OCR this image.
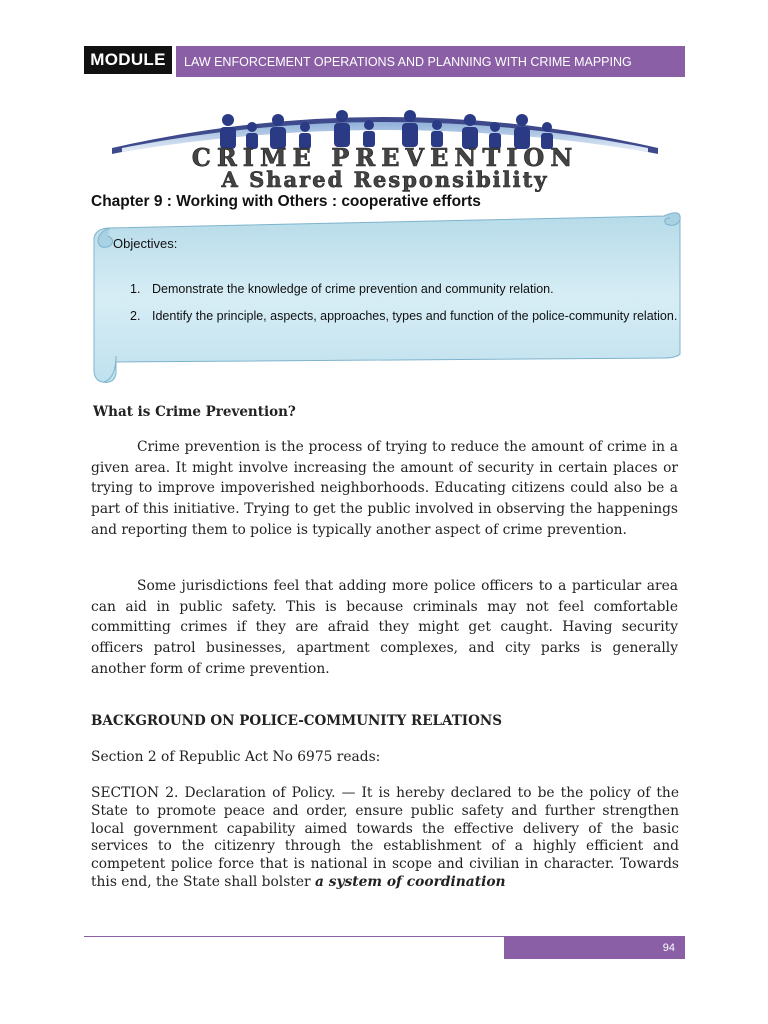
MODULE	LAW ENFORCEMENT OPERATIONS AND PLANNING WITH CRIME MAPPING
CRIME PREVENTION
A Shared Responsibility
Chapter 9 : Working with Others : cooperative efforts
Objectives:
1. Demonstrate the knowledge of crime prevention and community relation.
2. Identify the principle, aspects, approaches, types and function of the police-community relation.
What is Crime Prevention?

Crime prevention is the process of trying to reduce the amount of crime in a given area. It might involve increasing the amount of security in certain places or trying to improve impoverished neighborhoods. Educating citizens could also be a part of this initiative. Trying to get the public involved in observing the happenings and reporting them to police is typically another aspect of crime prevention.

Some jurisdictions feel that adding more police officers to a particular area can aid in public safety. This is because criminals may not feel comfortable committing crimes if they are afraid they might get caught. Having security officers patrol businesses, apartment complexes, and city parks is generally another form of crime prevention.

BACKGROUND ON POLICE-COMMUNITY RELATIONS
Section 2 of Republic Act No 6975 reads:

SECTION 2. Declaration of Policy. — It is hereby declared to be the policy of the State to promote peace and order, ensure public safety and further strengthen local government capability aimed towards the effective delivery of the basic services to the citizenry through the establishment of a highly efficient and competent police force that is national in scope and civilian in character. Towards this end, the State shall bolster a system of coordination

94
